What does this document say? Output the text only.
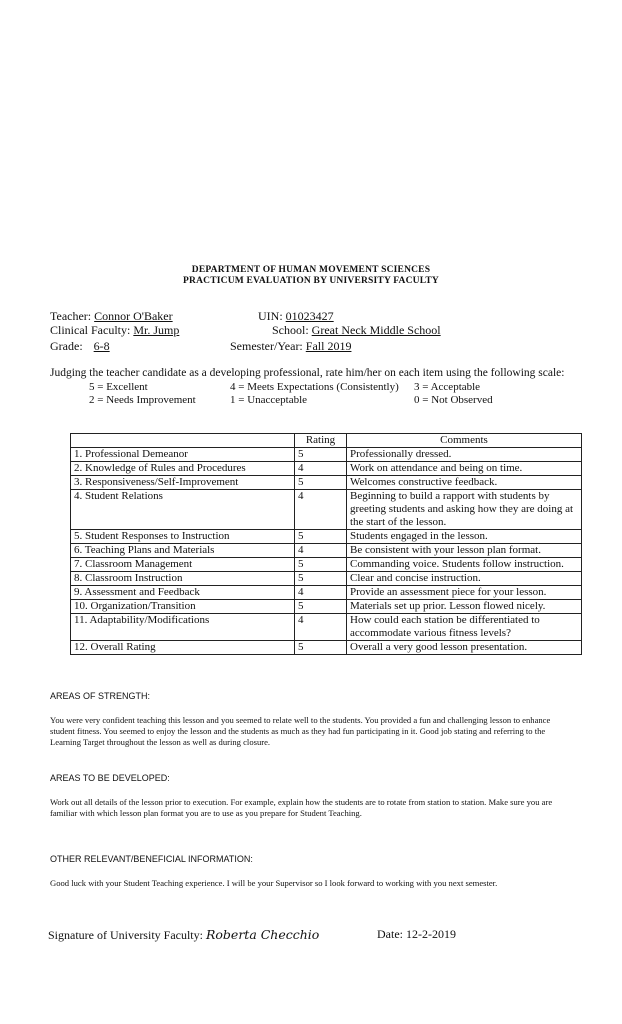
DEPARTMENT OF HUMAN MOVEMENT SCIENCES
PRACTICUM EVALUATION BY UNIVERSITY FACULTY
Teacher: Connor O'Baker	UIN: 01023427
Clinical Faculty: Mr. Jump	School: Great Neck Middle School
Grade: 6-8	Semester/Year: Fall 2019
Judging the teacher candidate as a developing professional, rate him/her on each item using the following scale:
5 = Excellent	4 = Meets Expectations (Consistently) 3 = Acceptable
2 = Needs Improvement	1 = Unacceptable	0 = Not Observed
	Rating	Comments
1. Professional Demeanor	5	Professionally dressed.
2. Knowledge of Rules and Procedures	4	Work on attendance and being on time.
3. Responsiveness/Self-Improvement	5	Welcomes constructive feedback.
4. Student Relations	4	Beginning to build a rapport with students by greeting students and asking how they are doing at the start of the lesson.
5. Student Responses to Instruction	5	Students engaged in the lesson.
6. Teaching Plans and Materials	4	Be consistent with your lesson plan format.
7. Classroom Management	5	Commanding voice. Students follow instruction.
8. Classroom Instruction	5	Clear and concise instruction.
9. Assessment and Feedback	4	Provide an assessment piece for your lesson.
10. Organization/Transition	5	Materials set up prior. Lesson flowed nicely.
11. Adaptability/Modifications	4	How could each station be differentiated to accommodate various fitness levels?
12. Overall Rating	5	Overall a very good lesson presentation.
AREAS OF STRENGTH:
You were very confident teaching this lesson and you seemed to relate well to the students. You provided a fun and challenging lesson to enhance student fitness. You seemed to enjoy the lesson and the students as much as they had fun participating in it. Good job stating and referring to the Learning Target throughout the lesson as well as during closure.
AREAS TO BE DEVELOPED:
Work out all details of the lesson prior to execution. For example, explain how the students are to rotate from station to station. Make sure you are familiar with which lesson plan format you are to use as you prepare for Student Teaching.
OTHER RELEVANT/BENEFICIAL INFORMATION:
Good luck with your Student Teaching experience. I will be your Supervisor so I look forward to working with you next semester.
Signature of University Faculty: Roberta Checchio	Date: 12-2-2019
